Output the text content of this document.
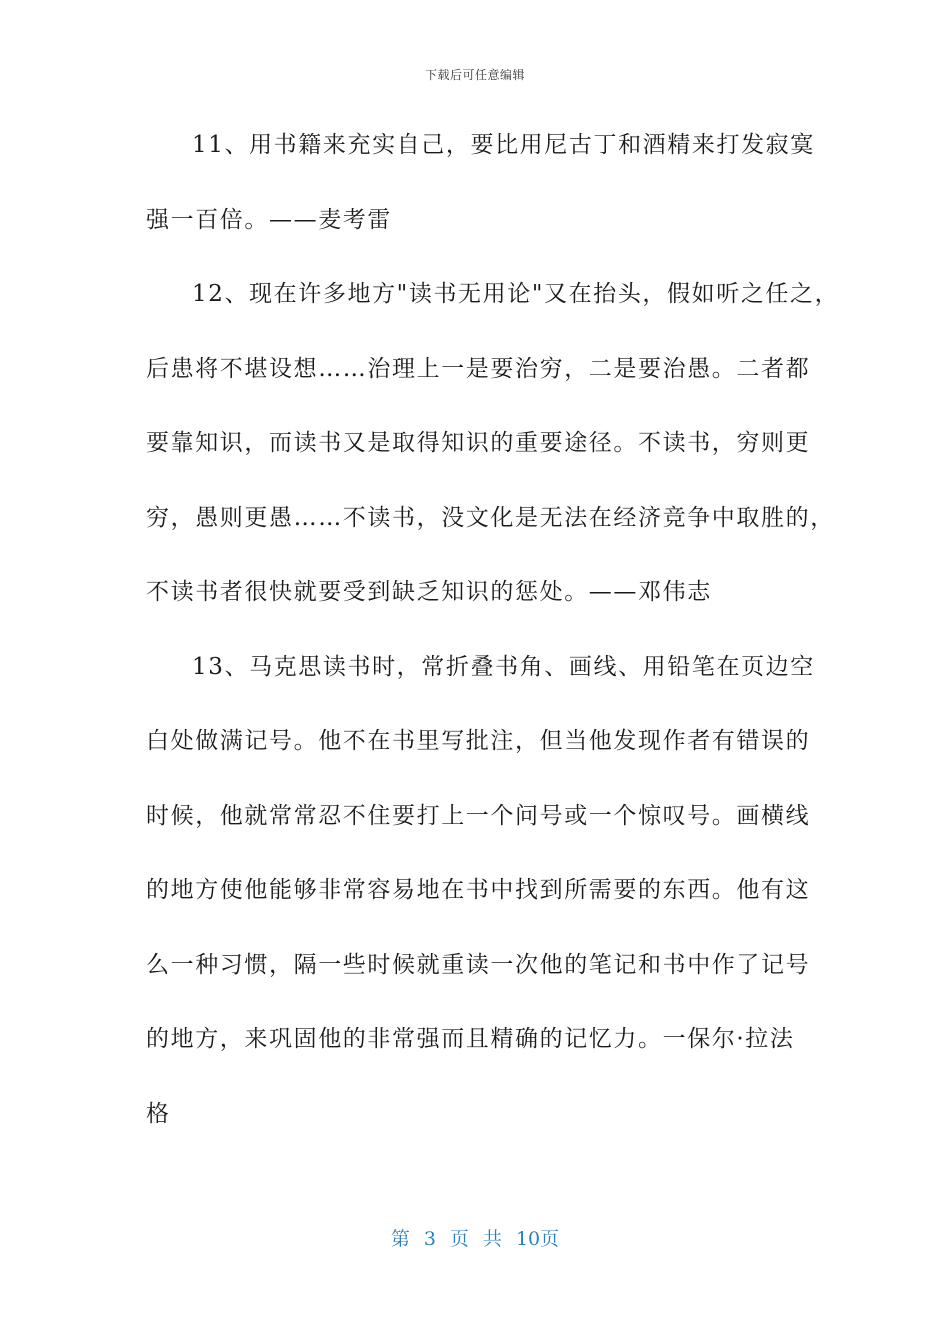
下载后可任意编辑
11、用书籍来充实自己，要比用尼古丁和酒精来打发寂寞
强一百倍。——麦考雷
12、现在许多地方"读书无用论"又在抬头，假如听之任之，
后患将不堪设想……治理上一是要治穷，二是要治愚。二者都
要靠知识，而读书又是取得知识的重要途径。不读书，穷则更
穷，愚则更愚……不读书，没文化是无法在经济竞争中取胜的，
不读书者很快就要受到缺乏知识的惩处。——邓伟志
13、马克思读书时，常折叠书角、画线、用铅笔在页边空
白处做满记号。他不在书里写批注，但当他发现作者有错误的
时候，他就常常忍不住要打上一个问号或一个惊叹号。画横线
的地方使他能够非常容易地在书中找到所需要的东西。他有这
么一种习惯，隔一些时候就重读一次他的笔记和书中作了记号
的地方，来巩固他的非常强而且精确的记忆力。一保尔·拉法
格
第 3 页 共 10页
